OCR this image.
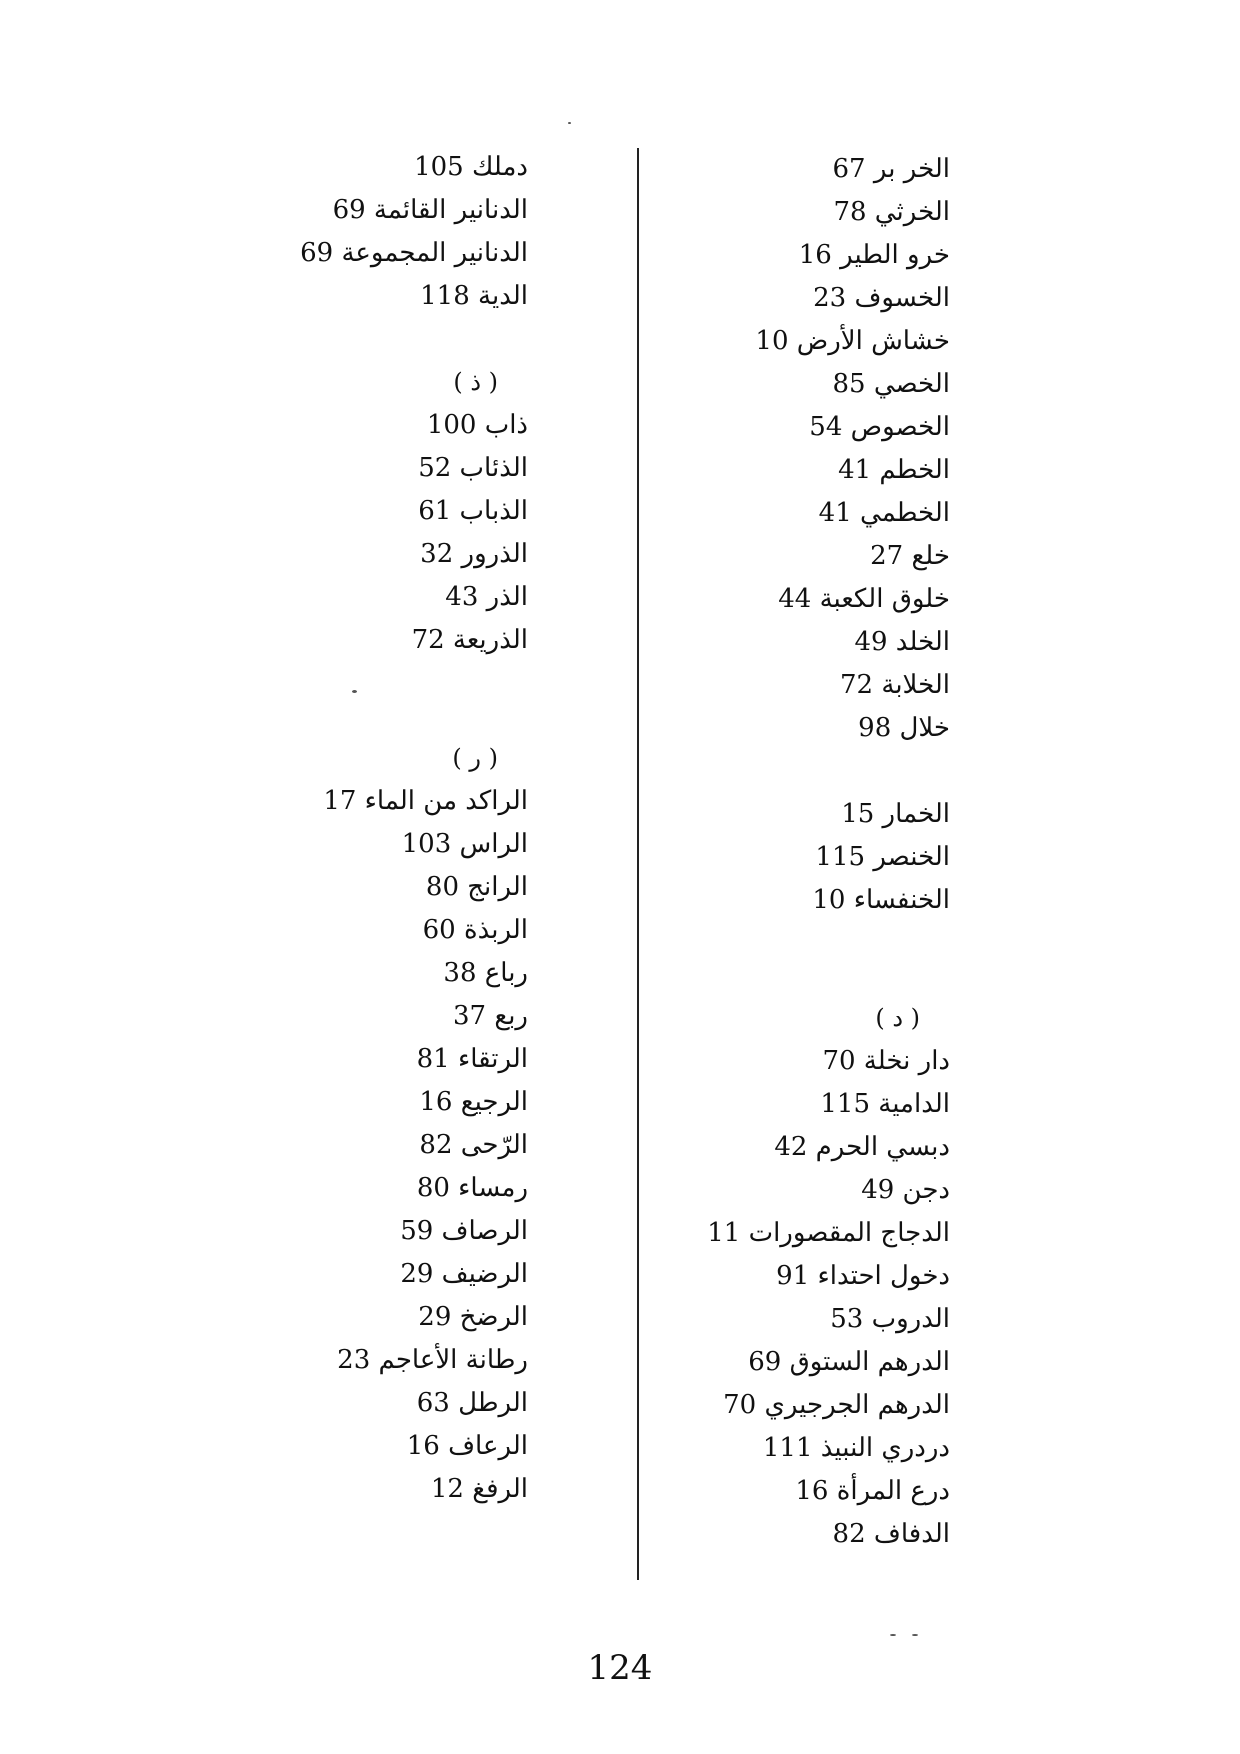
الخر بر 67
الخرثي 78
خرو الطير 16
الخسوف 23
خشاش الأرض 10
الخصي 85
الخصوص 54
الخطم 41
الخطمي 41
خلع 27
خلوق الكعبة 44
الخلد 49
الخلابة 72
خلال 98
الخمار 15
الخنصر 115
الخنفساء 10
( د )
دار نخلة 70
الدامية 115
دبسي الحرم 42
دجن 49
الدجاج المقصورات 11
دخول احتداء 91
الدروب 53
الدرهم الستوق 69
الدرهم الجرجيري 70
دردري النبيذ 111
درع المرأة 16
الدفاف 82
دملك 105
الدنانير القائمة 69
الدنانير المجموعة 69
الدية 118
( ذ )
ذاب 100
الذئاب 52
الذباب 61
الذرور 32
الذر 43
الذريعة 72
( ر )
الراكد من الماء 17
الراس 103
الرانج 80
الربذة 60
رباع 38
ربع 37
الرتقاء 81
الرجيع 16
الرّحى 82
رمساء 80
الرصاف 59
الرضيف 29
الرضخ 29
رطانة الأعاجم 23
الرطل 63
الرعاف 16
الرفغ 12
124
